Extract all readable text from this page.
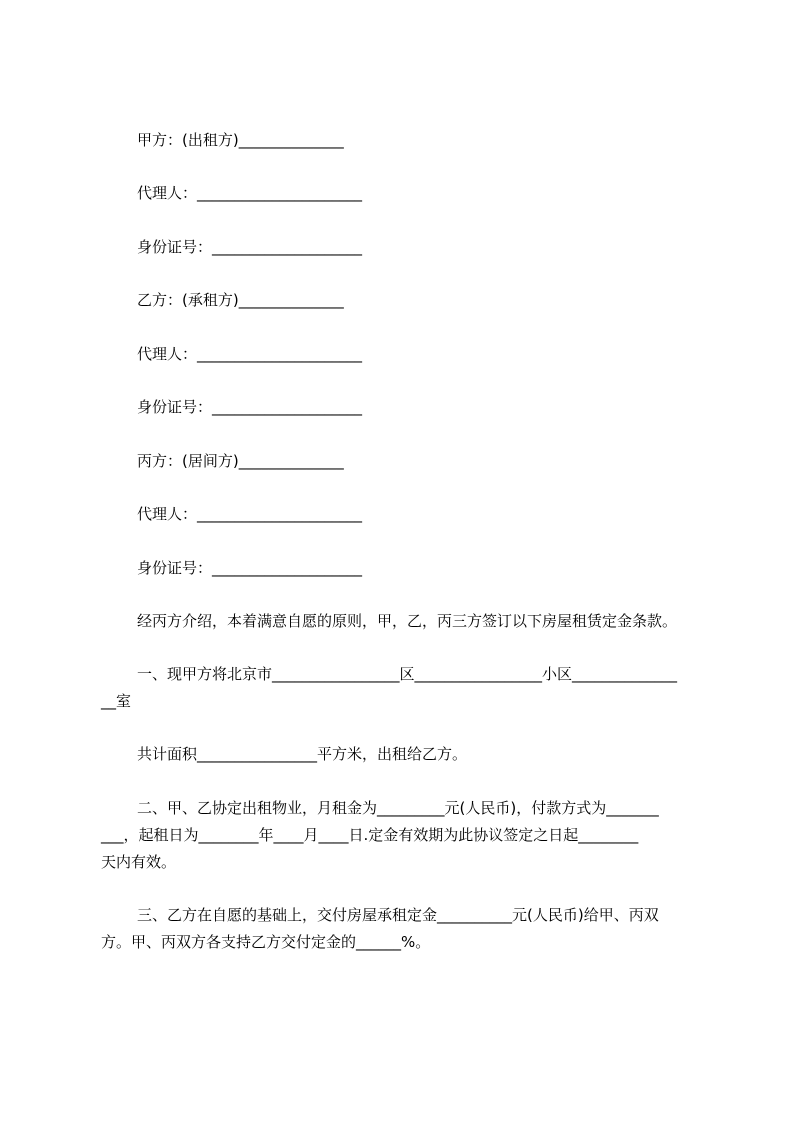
甲方：(出租方)______________
代理人：______________________
身份证号：____________________
乙方：(承租方)______________
代理人：______________________
身份证号：____________________
丙方：(居间方)______________
代理人：______________________
身份证号：____________________
经丙方介绍，本着满意自愿的原则，甲，乙，丙三方签订以下房屋租赁定金条款。
一、现甲方将北京市_________________区_________________小区______________
__室
共计面积________________平方米，出租给乙方。
二、甲、乙协定出租物业，月租金为_________元(人民币)，付款方式为_______
___，起租日为________年____月____日.定金有效期为此协议签定之日起________
天内有效。
三、乙方在自愿的基础上，交付房屋承租定金__________元(人民币)给甲、丙双
方。甲、丙双方各支持乙方交付定金的______%。
